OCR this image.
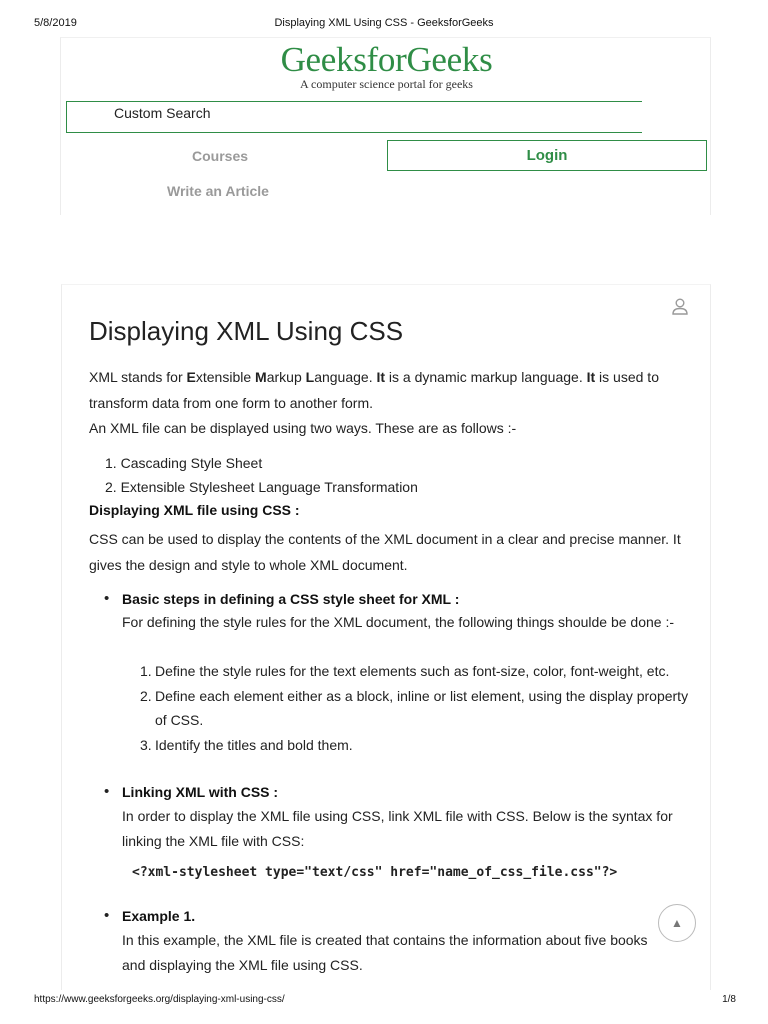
5/8/2019	Displaying XML Using CSS - GeeksforGeeks
https://www.geeksforgeeks.org/displaying-xml-using-css/	1/8
GeeksforGeeks
A computer science portal for geeks
Custom Search
Courses	Login
Write an Article
Displaying XML Using CSS

XML stands for Extensible Markup Language. It is a dynamic markup language. It is used to transform data from one form to another form.

An XML file can be displayed using two ways. These are as follows :-

1. Cascading Style Sheet
2. Extensible Stylesheet Language Transformation
Displaying XML file using CSS :

CSS can be used to display the contents of the XML document in a clear and precise manner. It gives the design and style to whole XML document.

• Basic steps in defining a CSS style sheet for XML :
For defining the style rules for the XML document, the following things shoulde be done :-
1. Define the style rules for the text elements such as font-size, color, font-weight, etc.
2. Define each element either as a block, inline or list element, using the display property of CSS.
3. Identify the titles and bold them.
• Linking XML with CSS :
In order to display the XML file using CSS, link XML file with CSS. Below is the syntax for linking the XML file with CSS:
<?xml-stylesheet type="text/css" href="name_of_css_file.css"?>
• Example 1.
In this example, the XML file is created that contains the information about five books and displaying the XML file using CSS.
▲
